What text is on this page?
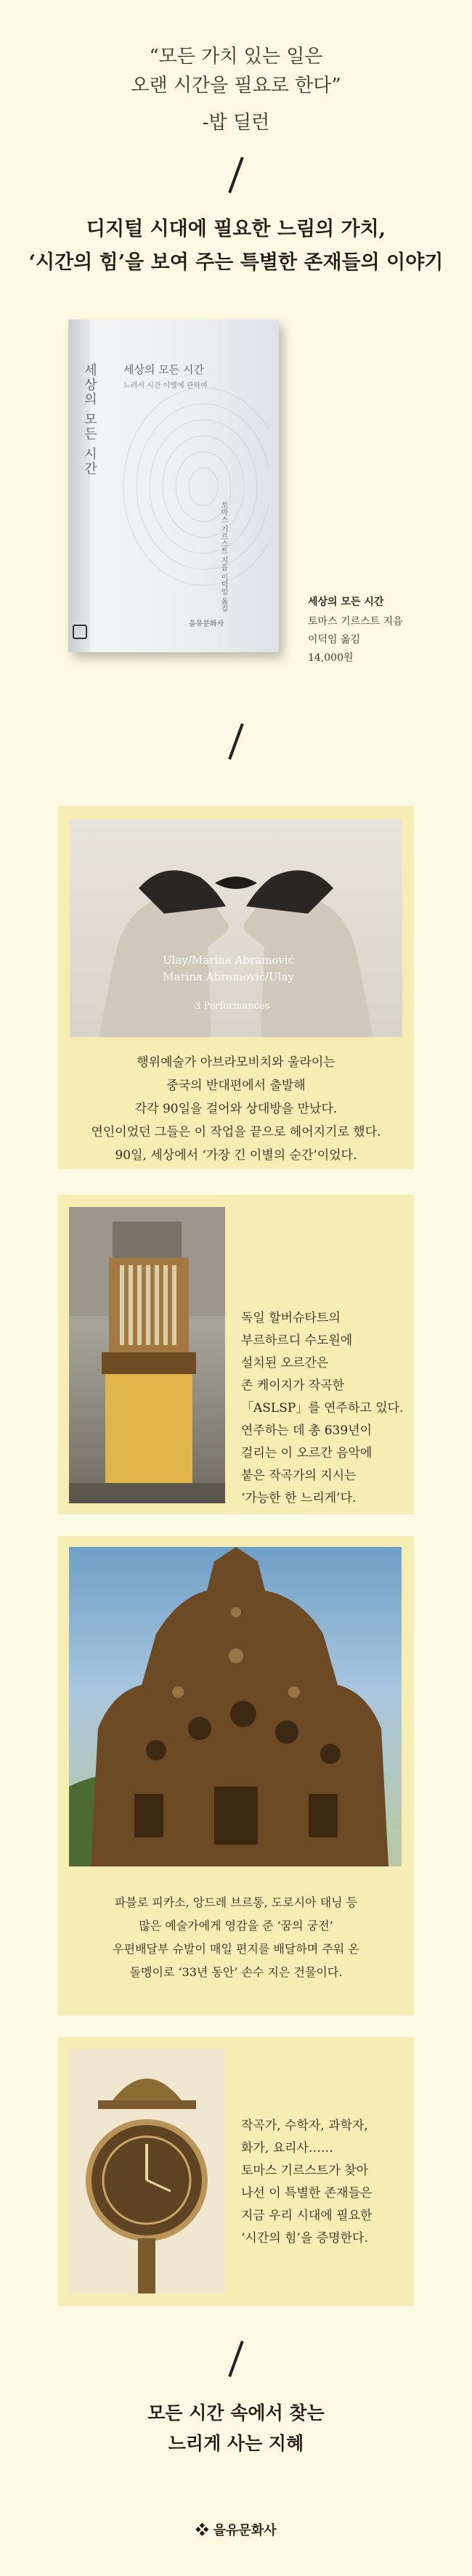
“모든 가치 있는 일은
오랜 시간을 필요로 한다”
-밥 딜런
디지털 시대에 필요한 느림의 가치,
‘시간의 힘’을 보여 주는 특별한 존재들의 이야기
세상의 모든 시간 세상의 모든 시간
느려서 시간 이별에 관하여
토마스 기르스트 지음 이덕임 옮김
을유문화사
세상의 모든 시간
토마스 기르스트 지음
이덕임 옮김
14,000원
Ulay/Marina Abramović
Marina Abramović/Ulay
3 Performances
행위예술가 아브라모비치와 울라이는
중국의 반대편에서 출발해
각각 90일을 걸어와 상대방을 만났다.
연인이었던 그들은 이 작업을 끝으로 헤어지기로 했다.
90일, 세상에서 ‘가장 긴 이별의 순간’이었다.
독일 할버슈타트의
부르하르디 수도원에
설치된 오르간은
존 케이지가 작곡한
「ASLSP」를 연주하고 있다.
연주하는 데 총 639년이
걸리는 이 오르간 음악에
붙은 작곡가의 지시는
‘가능한 한 느리게’다.
파블로 피카소, 앙드레 브르통, 도로시아 태닝 등
많은 예술가에게 영감을 준 ‘꿈의 궁전’
우편배달부 슈발이 매일 편지를 배달하며 주워 온
돌멩이로 ‘33년 동안’ 손수 지은 건물이다.
작곡가, 수학자, 과학자,
화가, 요리사……
토마스 기르스트가 찾아
나선 이 특별한 존재들은
지금 우리 시대에 필요한
‘시간의 힘’을 증명한다.
모든 시간 속에서 찾는
느리게 사는 지혜
❖ 을유문화사
